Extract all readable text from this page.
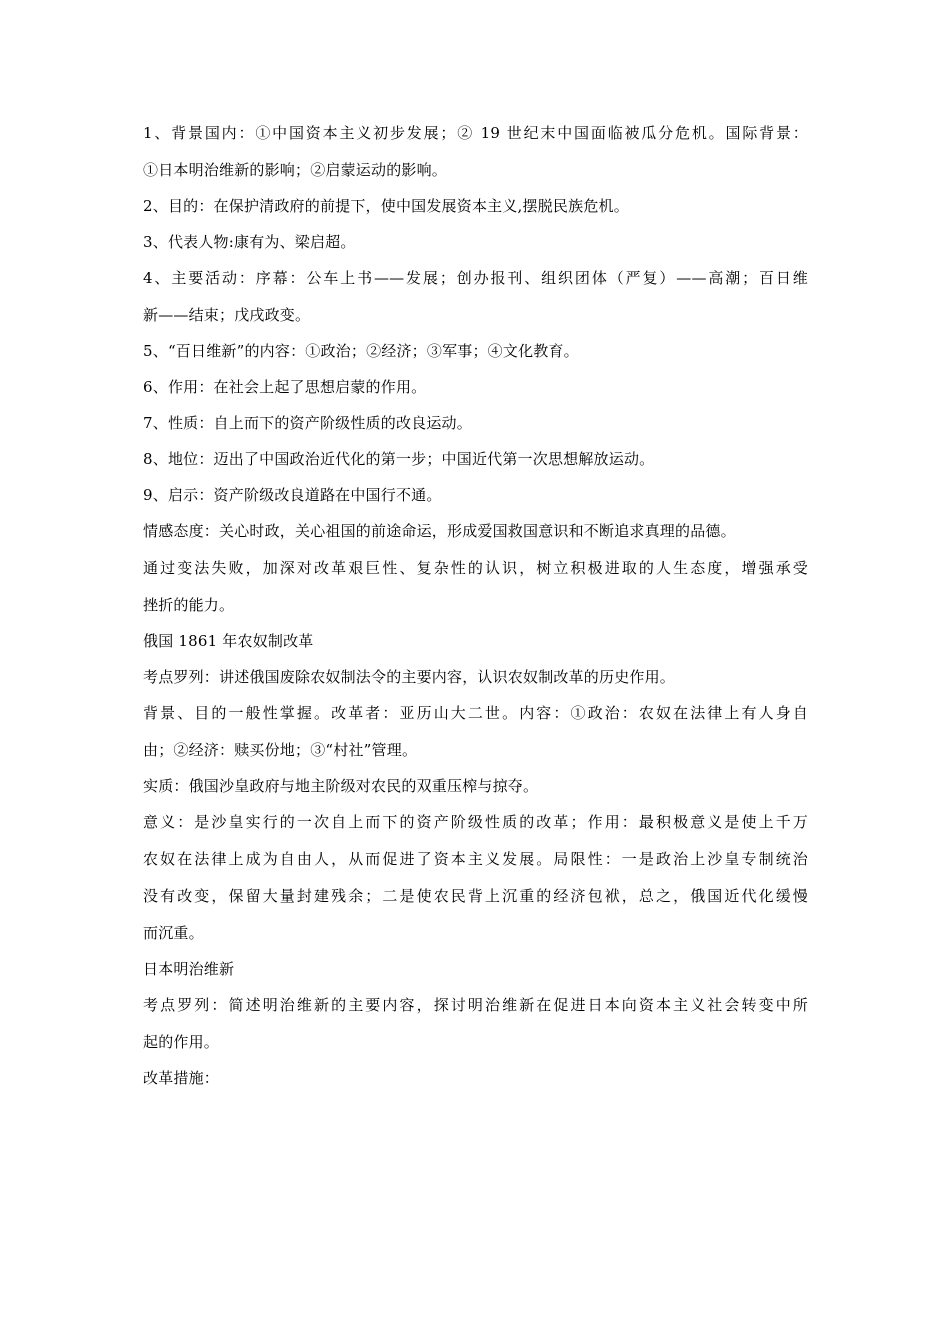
1、背景国内：①中国资本主义初步发展；② 19 世纪末中国面临被瓜分危机。国际背景：
①日本明治维新的影响；②启蒙运动的影响。
2、目的：在保护清政府的前提下，使中国发展资本主义,摆脱民族危机。
3、代表人物:康有为、梁启超。
4、主要活动：序幕：公车上书——发展；创办报刊、组织团体（严复）——高潮；百日维
新——结束；戊戌政变。
5、“百日维新”的内容：①政治；②经济；③军事；④文化教育。
6、作用：在社会上起了思想启蒙的作用。
7、性质：自上而下的资产阶级性质的改良运动。
8、地位：迈出了中国政治近代化的第一步；中国近代第一次思想解放运动。
9、启示：资产阶级改良道路在中国行不通。
情感态度：关心时政，关心祖国的前途命运，形成爱国救国意识和不断追求真理的品德。
通过变法失败，加深对改革艰巨性、复杂性的认识，树立积极进取的人生态度，增强承受
挫折的能力。
俄国 1861 年农奴制改革
考点罗列：讲述俄国废除农奴制法令的主要内容，认识农奴制改革的历史作用。
背景、目的一般性掌握。改革者：亚历山大二世。内容：①政治：农奴在法律上有人身自
由；②经济：赎买份地；③“村社”管理。
实质：俄国沙皇政府与地主阶级对农民的双重压榨与掠夺。
意义：是沙皇实行的一次自上而下的资产阶级性质的改革；作用：最积极意义是使上千万
农奴在法律上成为自由人，从而促进了资本主义发展。局限性：一是政治上沙皇专制统治
没有改变，保留大量封建残余；二是使农民背上沉重的经济包袱，总之，俄国近代化缓慢
而沉重。
日本明治维新
考点罗列：简述明治维新的主要内容，探讨明治维新在促进日本向资本主义社会转变中所
起的作用。
改革措施：
